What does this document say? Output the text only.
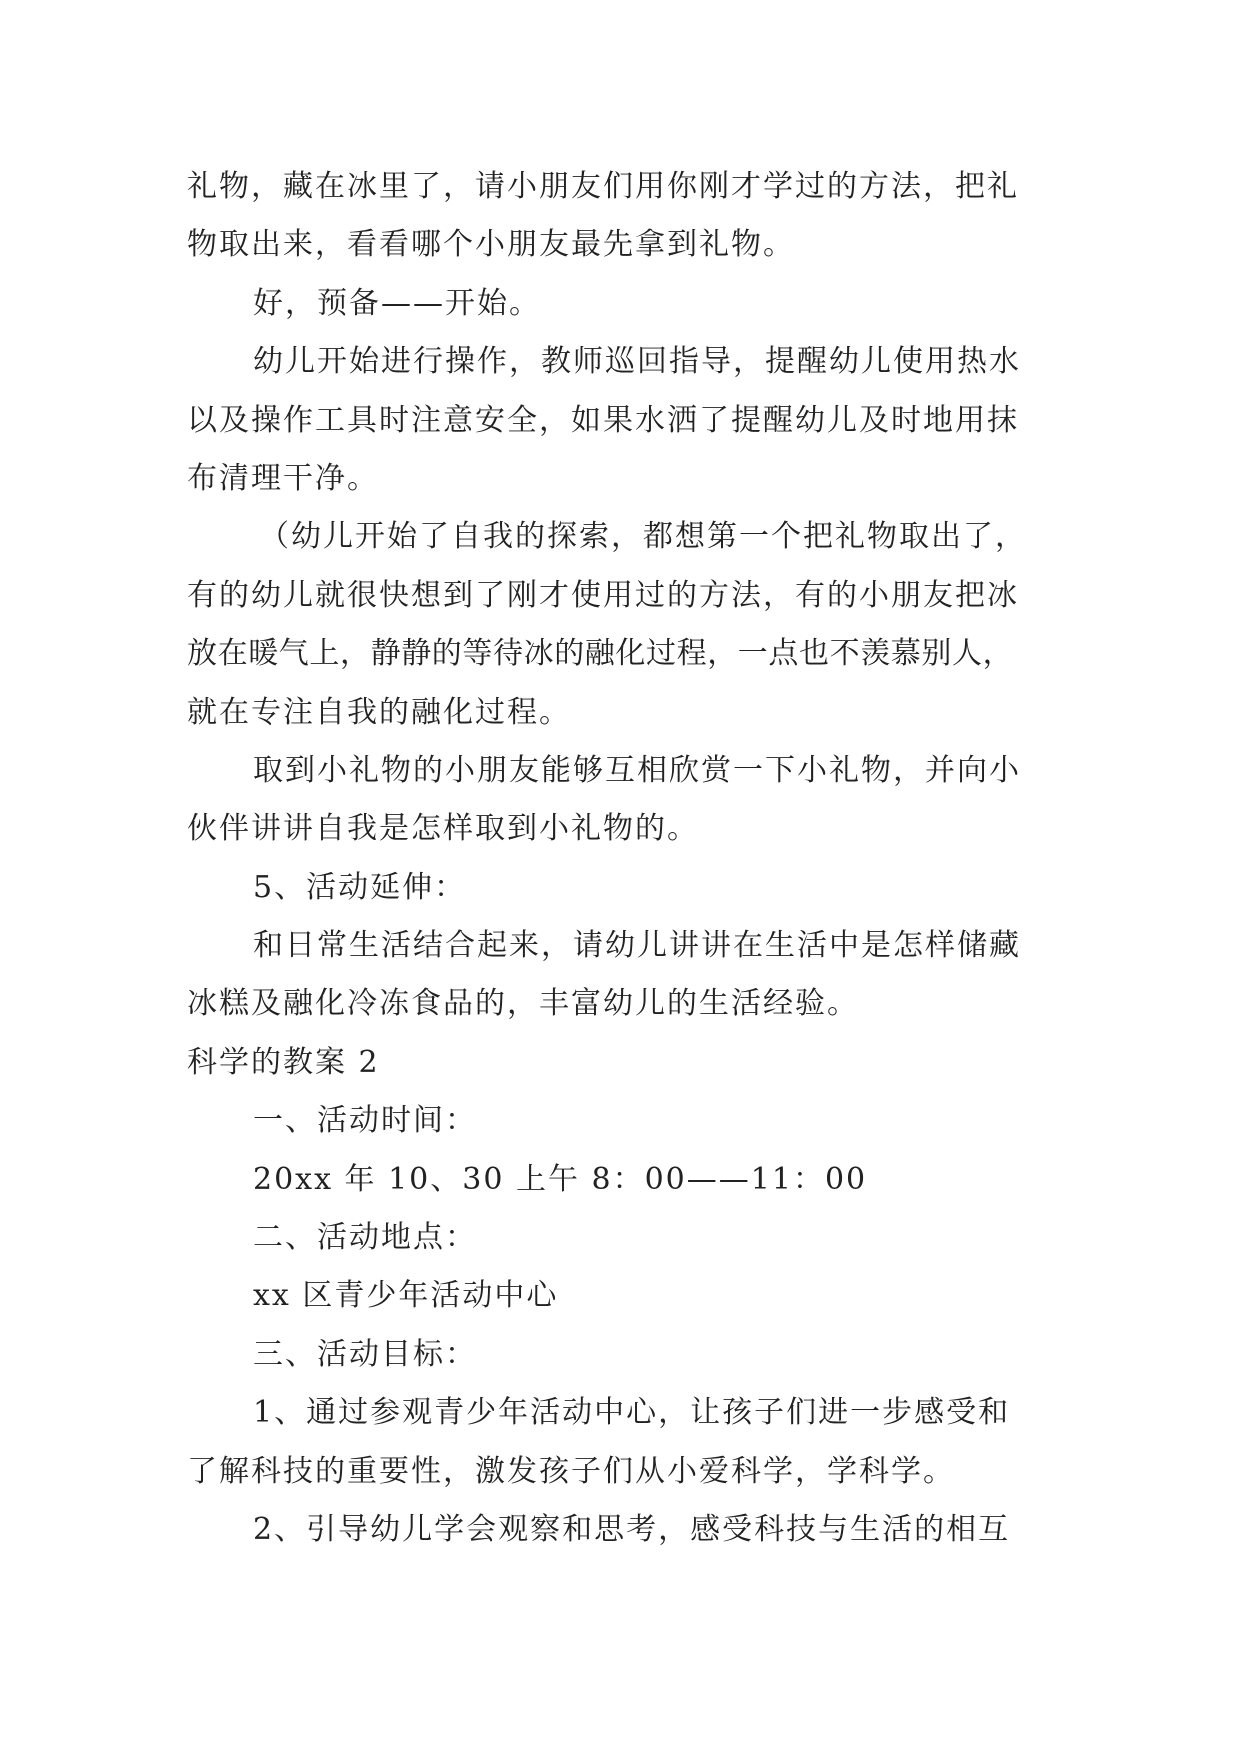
礼物，藏在冰里了，请小朋友们用你刚才学过的方法，把礼
物取出来，看看哪个小朋友最先拿到礼物。
好，预备——开始。
幼儿开始进行操作，教师巡回指导，提醒幼儿使用热水
以及操作工具时注意安全，如果水洒了提醒幼儿及时地用抹
布清理干净。
（幼儿开始了自我的探索，都想第一个把礼物取出了，
有的幼儿就很快想到了刚才使用过的方法，有的小朋友把冰
放在暖气上，静静的等待冰的融化过程，一点也不羡慕别人，
就在专注自我的融化过程。
取到小礼物的小朋友能够互相欣赏一下小礼物，并向小
伙伴讲讲自我是怎样取到小礼物的。
5、活动延伸：
和日常生活结合起来，请幼儿讲讲在生活中是怎样储藏
冰糕及融化冷冻食品的，丰富幼儿的生活经验。
科学的教案 2
一、活动时间：
20xx 年 10、30 上午 8：00——11：00
二、活动地点：
xx 区青少年活动中心
三、活动目标：
1、通过参观青少年活动中心，让孩子们进一步感受和
了解科技的重要性，激发孩子们从小爱科学，学科学。
2、引导幼儿学会观察和思考，感受科技与生活的相互
